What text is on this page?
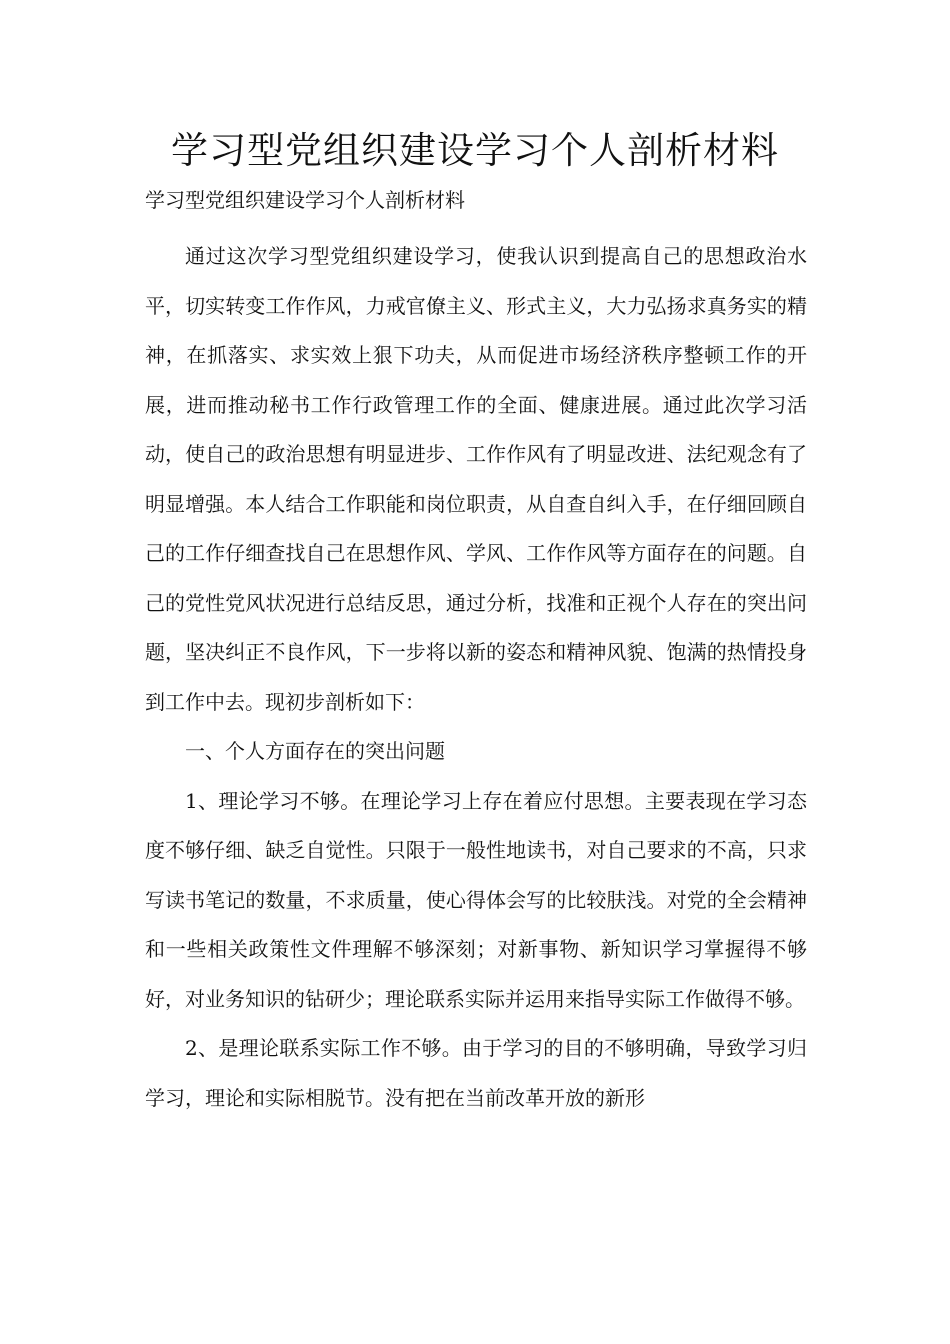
学习型党组织建设学习个人剖析材料

学习型党组织建设学习个人剖析材料

通过这次学习型党组织建设学习，使我认识到提高自己的思想政治水平，切实转变工作作风，力戒官僚主义、形式主义，大力弘扬求真务实的精神，在抓落实、求实效上狠下功夫，从而促进市场经济秩序整顿工作的开展，进而推动秘书工作行政管理工作的全面、健康进展。通过此次学习活动，使自己的政治思想有明显进步、工作作风有了明显改进、法纪观念有了明显增强。本人结合工作职能和岗位职责，从自查自纠入手，在仔细回顾自己的工作仔细查找自己在思想作风、学风、工作作风等方面存在的问题。自己的党性党风状况进行总结反思，通过分析，找准和正视个人存在的突出问题，坚决纠正不良作风，下一步将以新的姿态和精神风貌、饱满的热情投身到工作中去。现初步剖析如下：

一、个人方面存在的突出问题

1、理论学习不够。在理论学习上存在着应付思想。主要表现在学习态度不够仔细、缺乏自觉性。只限于一般性地读书，对自己要求的不高，只求写读书笔记的数量，不求质量，使心得体会写的比较肤浅。对党的全会精神和一些相关政策性文件理解不够深刻；对新事物、新知识学习掌握得不够好，对业务知识的钻研少；理论联系实际并运用来指导实际工作做得不够。

2、是理论联系实际工作不够。由于学习的目的不够明确，导致学习归学习，理论和实际相脱节。没有把在当前改革开放的新形
